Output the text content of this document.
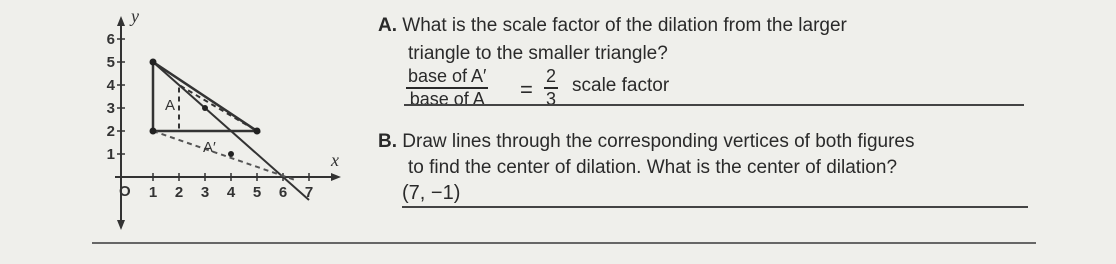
y
x
O
1
2
3
4
5
6
1 2 3 4 5 6 7
A
A′
A. What is the scale factor of the dilation from the larger
triangle to the smaller triangle?
base of A′
base of $A = \frac{2}{3}$ scale factor
B. Draw lines through the corresponding vertices of both figures
to find the center of dilation. What is the center of dilation?
(7, −1)
